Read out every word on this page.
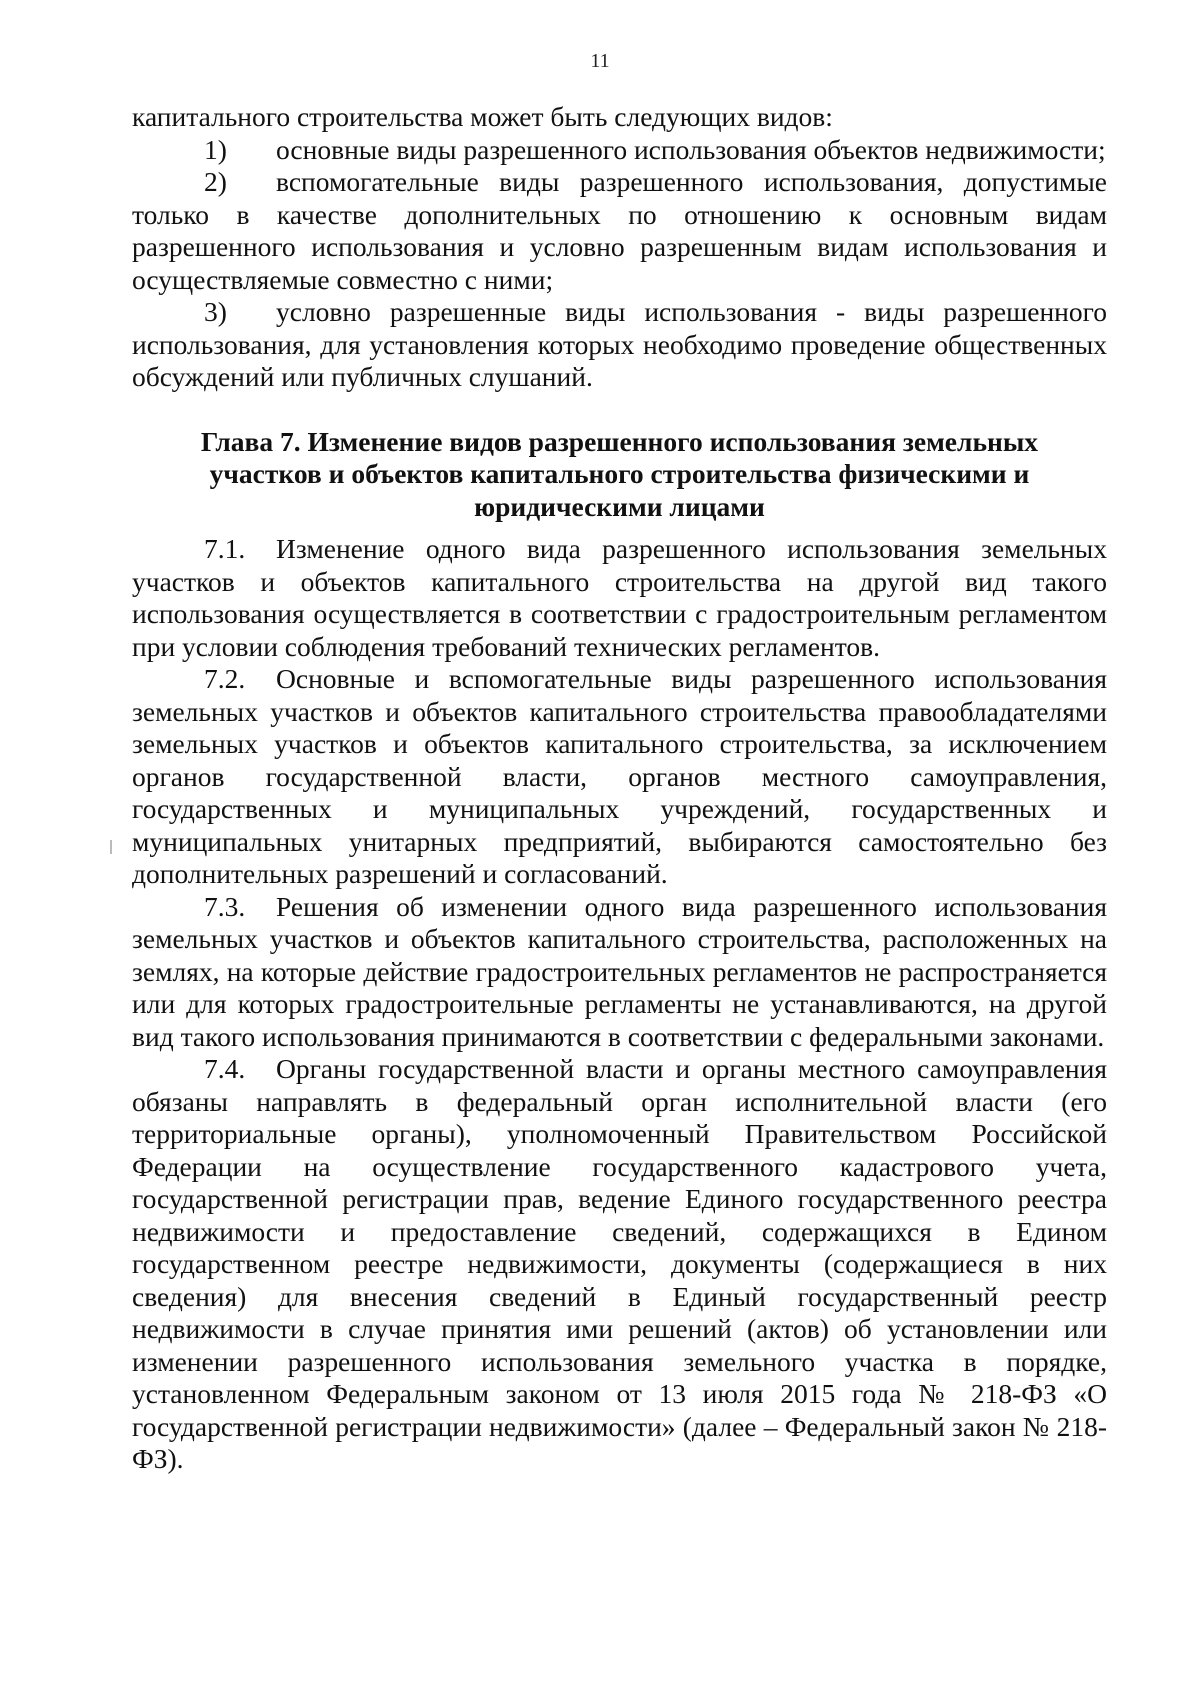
11

капитального строительства может быть следующих видов:

1) основные виды разрешенного использования объектов недвижимости;

2) вспомогательные виды разрешенного использования, допустимые только в качестве дополнительных по отношению к основным видам разрешенного использования и условно разрешенным видам использования и осуществляемые совместно с ними;

3) условно разрешенные виды использования - виды разрешенного использования, для установления которых необходимо проведение общественных обсуждений или публичных слушаний.

Глава 7. Изменение видов разрешенного использования земельных участков и объектов капитального строительства физическими и юридическими лицами

7.1. Изменение одного вида разрешенного использования земельных участков и объектов капитального строительства на другой вид такого использования осуществляется в соответствии с градостроительным регламентом при условии соблюдения требований технических регламентов.

7.2. Основные и вспомогательные виды разрешенного использования земельных участков и объектов капитального строительства правообладателями земельных участков и объектов капитального строительства, за исключением органов государственной власти, органов местного самоуправления, государственных и муниципальных учреждений, государственных и муниципальных унитарных предприятий, выбираются самостоятельно без дополнительных разрешений и согласований.

7.3. Решения об изменении одного вида разрешенного использования земельных участков и объектов капитального строительства, расположенных на землях, на которые действие градостроительных регламентов не распространяется или для которых градостроительные регламенты не устанавливаются, на другой вид такого использования принимаются в соответствии с федеральными законами.

7.4. Органы государственной власти и органы местного самоуправления обязаны направлять в федеральный орган исполнительной власти (его территориальные органы), уполномоченный Правительством Российской Федерации на осуществление государственного кадастрового учета, государственной регистрации прав, ведение Единого государственного реестра недвижимости и предоставление сведений, содержащихся в Едином государственном реестре недвижимости, документы (содержащиеся в них сведения) для внесения сведений в Единый государственный реестр недвижимости в случае принятия ими решений (актов) об установлении или изменении разрешенного использования земельного участка в порядке, установленном Федеральным законом от 13 июля 2015 года № 218-ФЗ «О государственной регистрации недвижимости» (далее – Федеральный закон № 218-ФЗ).
